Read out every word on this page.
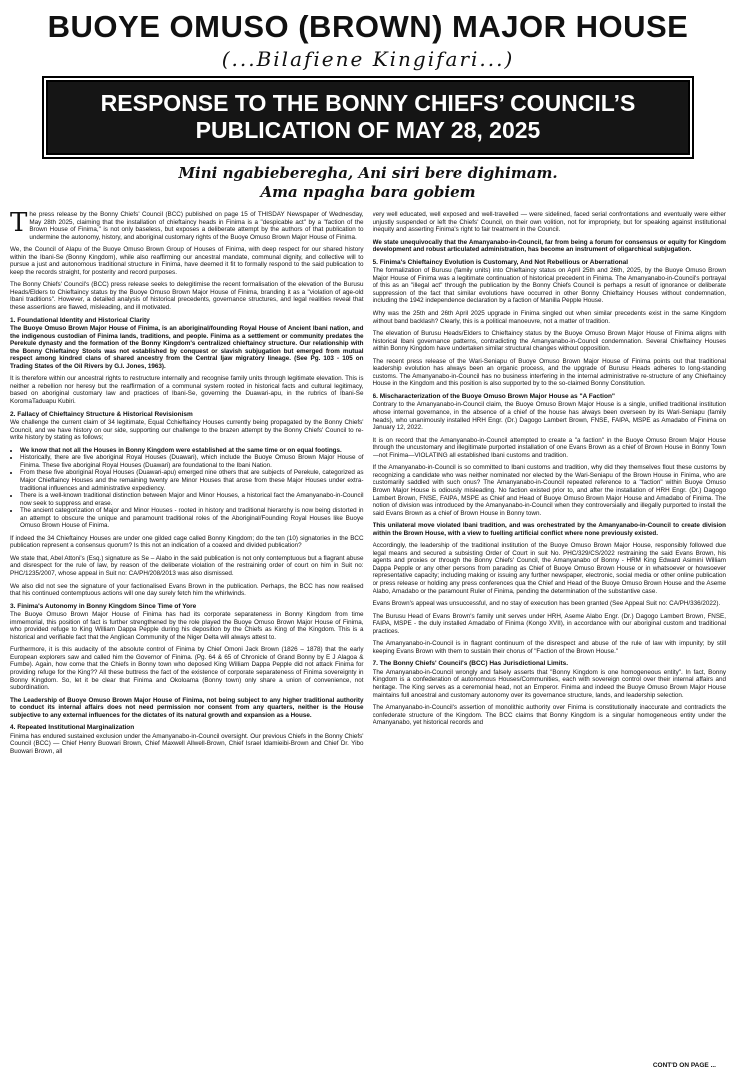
BUOYE OMUSO (BROWN) MAJOR HOUSE
(...Bilafiene Kingifari...)
RESPONSE TO THE BONNY CHIEFS’ COUNCIL’S
PUBLICATION OF MAY 28, 2025
Mini ngabieberegha, Ani siri bere dighimam.
Ama npagha bara gobiem

The press release by the Bonny Chiefs' Council (BCC) published on page 15 of THISDAY Newspaper of Wednesday, May 28th 2025, claiming that the installation of chieftaincy heads in Finima is a "despicable act" by a "faction of the Brown House of Finima," is not only baseless, but exposes a deliberate attempt by the authors of that publication to undermine the autonomy, history, and aboriginal customary rights of the Buoye Omuso Brown Major House of Finima.

We, the Council of Alapu of the Buoye Omuso Brown Group of Houses of Finima, with deep respect for our shared history within the Ibani-Se (Bonny Kingdom), while also reaffirming our ancestral mandate, communal dignity, and collective will to pursue a just and autonomous traditional structure in Finima, have deemed it fit to formally respond to the said publication to keep the records straight, for posterity and record purposes.

The Bonny Chiefs' Council's (BCC) press release seeks to delegitimise the recent formalisation of the elevation of the Burusu Heads/Elders to Chieftaincy status by the Buoye Omuso Brown Major House of Finima, branding it as a "violation of age-old Ibani traditions". However, a detailed analysis of historical precedents, governance structures, and legal realities reveal that these assertions are flawed, misleading, and ill motivated.

1. Foundational Identity and Historical Clarity

The Buoye Omuso Brown Major House of Finima, is an aboriginal/founding Royal House of Ancient Ibani nation, and the indigenous custodian of Finima lands, traditions, and people. Finima as a settlement or community predates the Perekule dynasty and the formation of the Bonny Kingdom's centralized chieftaincy structure. Our relationship with the Bonny Chieftaincy Stools was not established by conquest or slavish subjugation but emerged from mutual respect among kindred clans of shared ancestry from the Central Ijaw migratory lineage. (See Pg. 103 - 105 on Trading States of the Oil Rivers by G.I. Jones, 1963).

It is therefore within our ancestral rights to restructure internally and recognise family units through legitimate elevation. This is neither a rebellion nor heresy but the reaffirmation of a communal system rooted in historical facts and cultural legitimacy, based on aboriginal customary law and practices of Ibani-Se, governing the Duawari-apu, in the rubrics of Ibani-Se KoromaTaduapu Kubiri.

2. Fallacy of Chieftaincy Structure & Historical Revisionism

We challenge the current claim of 34 legitimate, Equal Cchieftaincy Houses currently being propagated by the Bonny Chiefs' Council, and we have history on our side, supporting our challenge to the brazen attempt by the Bonny Chiefs' Council to re-write history by stating as follows;

• We know that not all the Houses in Bonny Kingdom were established at the same time or on equal footings.
• Historically, there are five aboriginal Royal Houses (Duawari), which include the Buoye Omuso Brown Major House of Finima. These five aboriginal Royal Houses (Duawari) are foundational to the Ibani Nation.
• From these five aboriginal Royal Houses (Duawari-apu) emerged nine others that are subjects of Perekule, categorized as Major Chieftaincy Houses and the remaining twenty are Minor Houses that arose from these Major Houses under extra-traditional influences and administrative expediency.
• There is a well-known traditional distinction between Major and Minor Houses, a historical fact the Amanyanabo-in-Council now seek to suppress and erase.
• The ancient categorization of Major and Minor Houses - rooted in history and traditional hierarchy is now being distorted in an attempt to obscure the unique and paramount traditional roles of the Aboriginal/Founding Royal Houses like Buoye Omuso Brown House of Finima.

If indeed the 34 Chieftaincy Houses are under one gilded cage called Bonny Kingdom; do the ten (10) signatories in the BCC publication represent a consensus quorum? Is this not an indication of a coaxed and divided publication?

We state that, Abel Attoni's (Esq.) signature as Se – Alabo in the said publication is not only contemptuous but a flagrant abuse and disrespect for the rule of law, by reason of the deliberate violation of the restraining order of court on him in Suit no: PHC/1235/2007, whose appeal in Suit no: CA/PH/208/2013 was also dismissed.

We also did not see the signature of your factionalised Evans Brown in the publication. Perhaps, the BCC has now realised that his continued contemptuous actions will one day surely fetch him the whirlwinds.

3. Finima's Autonomy in Bonny Kingdom Since Time of Yore

The Buoye Omuso Brown Major House of Finima has had its corporate separateness in Bonny Kingdom from time immemorial, this position of fact is further strengthened by the role played the Buoye Omuso Brown Major House of Finima, who provided refuge to King William Dappa Pepple during his deposition by the Chiefs as King of the Kingdom. This is a historical and verifiable fact that the Anglican Community of the Niger Delta will always attest to.

Furthermore, it is this audacity of the absolute control of Finima by Chief Omoni Jack Brown (1826 – 1878) that the early European explorers saw and called him the Governor of Finima. (Pg. 64 & 65 of Chronicle of Grand Bonny by E J Alagoa & Fumbe). Again, how come that the Chiefs in Bonny town who deposed King William Dappa Pepple did not attack Finima for providing refuge for the King?? All these buttress the fact of the existence of corporate separateness of Finima sovereignty in Bonny Kingdom. So, let it be clear that Finima and Okoloama (Bonny town) only share a union of convenience, not subordination.

The Leadership of Buoye Omuso Brown Major House of Finima, not being subject to any higher traditional authority to conduct its internal affairs does not need permission nor consent from any quarters, neither is the House subjective to any external influences for the dictates of its natural growth and expansion as a House.

4. Repeated Institutional Marginalization

Finima has endured sustained exclusion under the Amanyanabo-in-Council oversight. Our previous Chiefs in the Bonny Chiefs' Council (BCC) — Chief Henry Buowari Brown, Chief Maxwell Allwell-Brown, Chief Israel Idamieibi-Brown and Chief Dr. Yibo Buowari Brown, all

very well educated, well exposed and well-travelled — were sidelined, faced serial confrontations and eventually were either unjustly suspended or left the Chiefs' Council, on their own volition, not for impropriety, but for speaking against institutional inequity and asserting Finima's right to fair treatment in the Council.

We state unequivocally that the Amanyanabo-in-Council, far from being a forum for consensus or equity for Kingdom development and robust articulated administration, has become an instrument of oligarchical subjugation.

5. Finima's Chieftaincy Evolution is Customary, And Not Rebellious or Aberrational

The formalization of Burusu (family units) into Chieftaincy status on April 25th and 26th, 2025, by the Buoye Omuso Brown Major House of Finima was a legitimate continuation of historical precedent in Finima. The Amanyanabo-in-Council's portrayal of this as an "illegal act" through the publication by the Bonny Chiefs Council is perhaps a result of ignorance or deliberate suppression of the fact that similar evolutions have occurred in other Bonny Chieftaincy Houses without condemnation, including the 1942 independence declaration by a faction of Manilla Pepple House.

Why was the 25th and 26th April 2025 upgrade in Finima singled out when similar precedents exist in the same Kingdom without band backlash? Clearly, this is a political manoeuvre, not a matter of tradition.

The elevation of Burusu Heads/Elders to Chieftaincy status by the Buoye Omuso Brown Major House of Finima aligns with historical Ibani governance patterns, contradicting the Amanyanabo-in-Council condemnation. Several Chieftaincy Houses within Bonny Kingdom have undertaken similar structural changes without opposition.

The recent press release of the Wari-Seniapu of Buoye Omuso Brown Major House of Finima points out that traditional leadership evolution has always been an organic process, and the upgrade of Burusu Heads adheres to long-standing customs. The Amanyanabo-in-Council has no business interfering in the internal administrative re-structure of any Chieftaincy House in the Kingdom and this position is also supported by to the so-claimed Bonny Constitution.

6. Mischaracterization of the Buoye Omuso Brown Major House as "A Faction"

Contrary to the Amanyanabo-in-Council claim, the Buoye Omuso Brown Major House is a single, unified traditional institution whose internal governance, in the absence of a chief of the house has always been overseen by its Wari-Seniapu (family heads), who unanimously installed HRH Engr. (Dr.) Dagogo Lambert Brown, FNSE, FAIPA, MSPE as Amadabo of Finima on January 12, 2022.

It is on record that the Amanyanabo-in-Council attempted to create a "a faction" in the Buoye Omuso Brown Major House through the uncustomary and illegitimate purported installation of one Evans Brown as a chief of Brown House in Bonny Town—not Finima—VIOLATING all established Ibani customs and tradition.

If the Amanyanabo-in-Council is so committed to Ibani customs and tradition, why did they themselves flout these customs by recognizing a candidate who was neither nominated nor elected by the Wari-Seniapu of the Brown House in Finima, who are customarily saddled with such onus? The Amanyanabo-in-Council repeated reference to a "faction" within Buoye Omuso Brown Major House is odiously misleading. No faction existed prior to, and after the installation of HRH Engr. (Dr.) Dagogo Lambert Brown, FNSE, FAIPA, MSPE as Chief and Head of Buoye Omuso Brown Major House and Amadabo of Finima. The notion of division was introduced by the Amanyanabo-in-Council when they controversially and illegally purported to install the said Evans Brown as a chief of Brown House in Bonny town.

This unilateral move violated Ibani tradition, and was orchestrated by the Amanyanabo-in-Council to create division within the Brown House, with a view to fuelling artificial conflict where none previously existed.

Accordingly, the leadership of the traditional institution of the Buoye Omuso Brown Major House, responsibly followed due legal means and secured a subsisting Order of Court in suit No. PHC/329/CS/2022 restraining the said Evans Brown, his agents and proxies or through the Bonny Chiefs' Council, the Amanyanabo of Bonny - HRM King Edward Asimini William Dappa Pepple or any other persons from parading as Chief of Buoye Omuso Brown House or in whatsoever or howsoever representative capacity; including making or issuing any further newspaper, electronic, social media or other online publication or press release or holding any press conferences qua the Chief and Head of the Buoye Omuso Brown House and the Aseme Alabo, Amadabo or the paramount Ruler of Finima, pending the determination of the substantive case.

Evans Brown's appeal was unsuccessful, and no stay of execution has been granted (See Appeal Suit no: CA/PH/336/2022).

The Burusu Head of Evans Brown's family unit serves under HRH, Aseme Alabo Engr. (Dr.) Dagogo Lambert Brown, FNSE, FAIPA, MSPE - the duly installed Amadabo of Finima (Kongo XVII), in accordance with our aboriginal custom and traditional practices.

The Amanyanabo-in-Council is in flagrant continuum of the disrespect and abuse of the rule of law with impunity; by still keeping Evans Brown with them to sustain their chorus of "Faction of the Brown House."

7. The Bonny Chiefs' Council's (BCC) Has Jurisdictional Limits.

The Amanyanabo-in-Council wrongly and falsely asserts that "Bonny Kingdom is one homogeneous entity". In fact, Bonny Kingdom is a confederation of autonomous Houses/Communities, each with sovereign control over their internal affairs and heritage. The King serves as a ceremonial head, not an Emperor. Finima and indeed the Buoye Omuso Brown Major House maintains full ancestral and customary autonomy over its governance structure, lands, and leadership selection.

The Amanyanabo-in-Council's assertion of monolithic authority over Finima is constitutionally inaccurate and contradicts the confederate structure of the Kingdom. The BCC claims that Bonny Kingdom is a singular homogeneous entity under the Amanyanabo, yet historical records and

CONT'D ON PAGE ...
